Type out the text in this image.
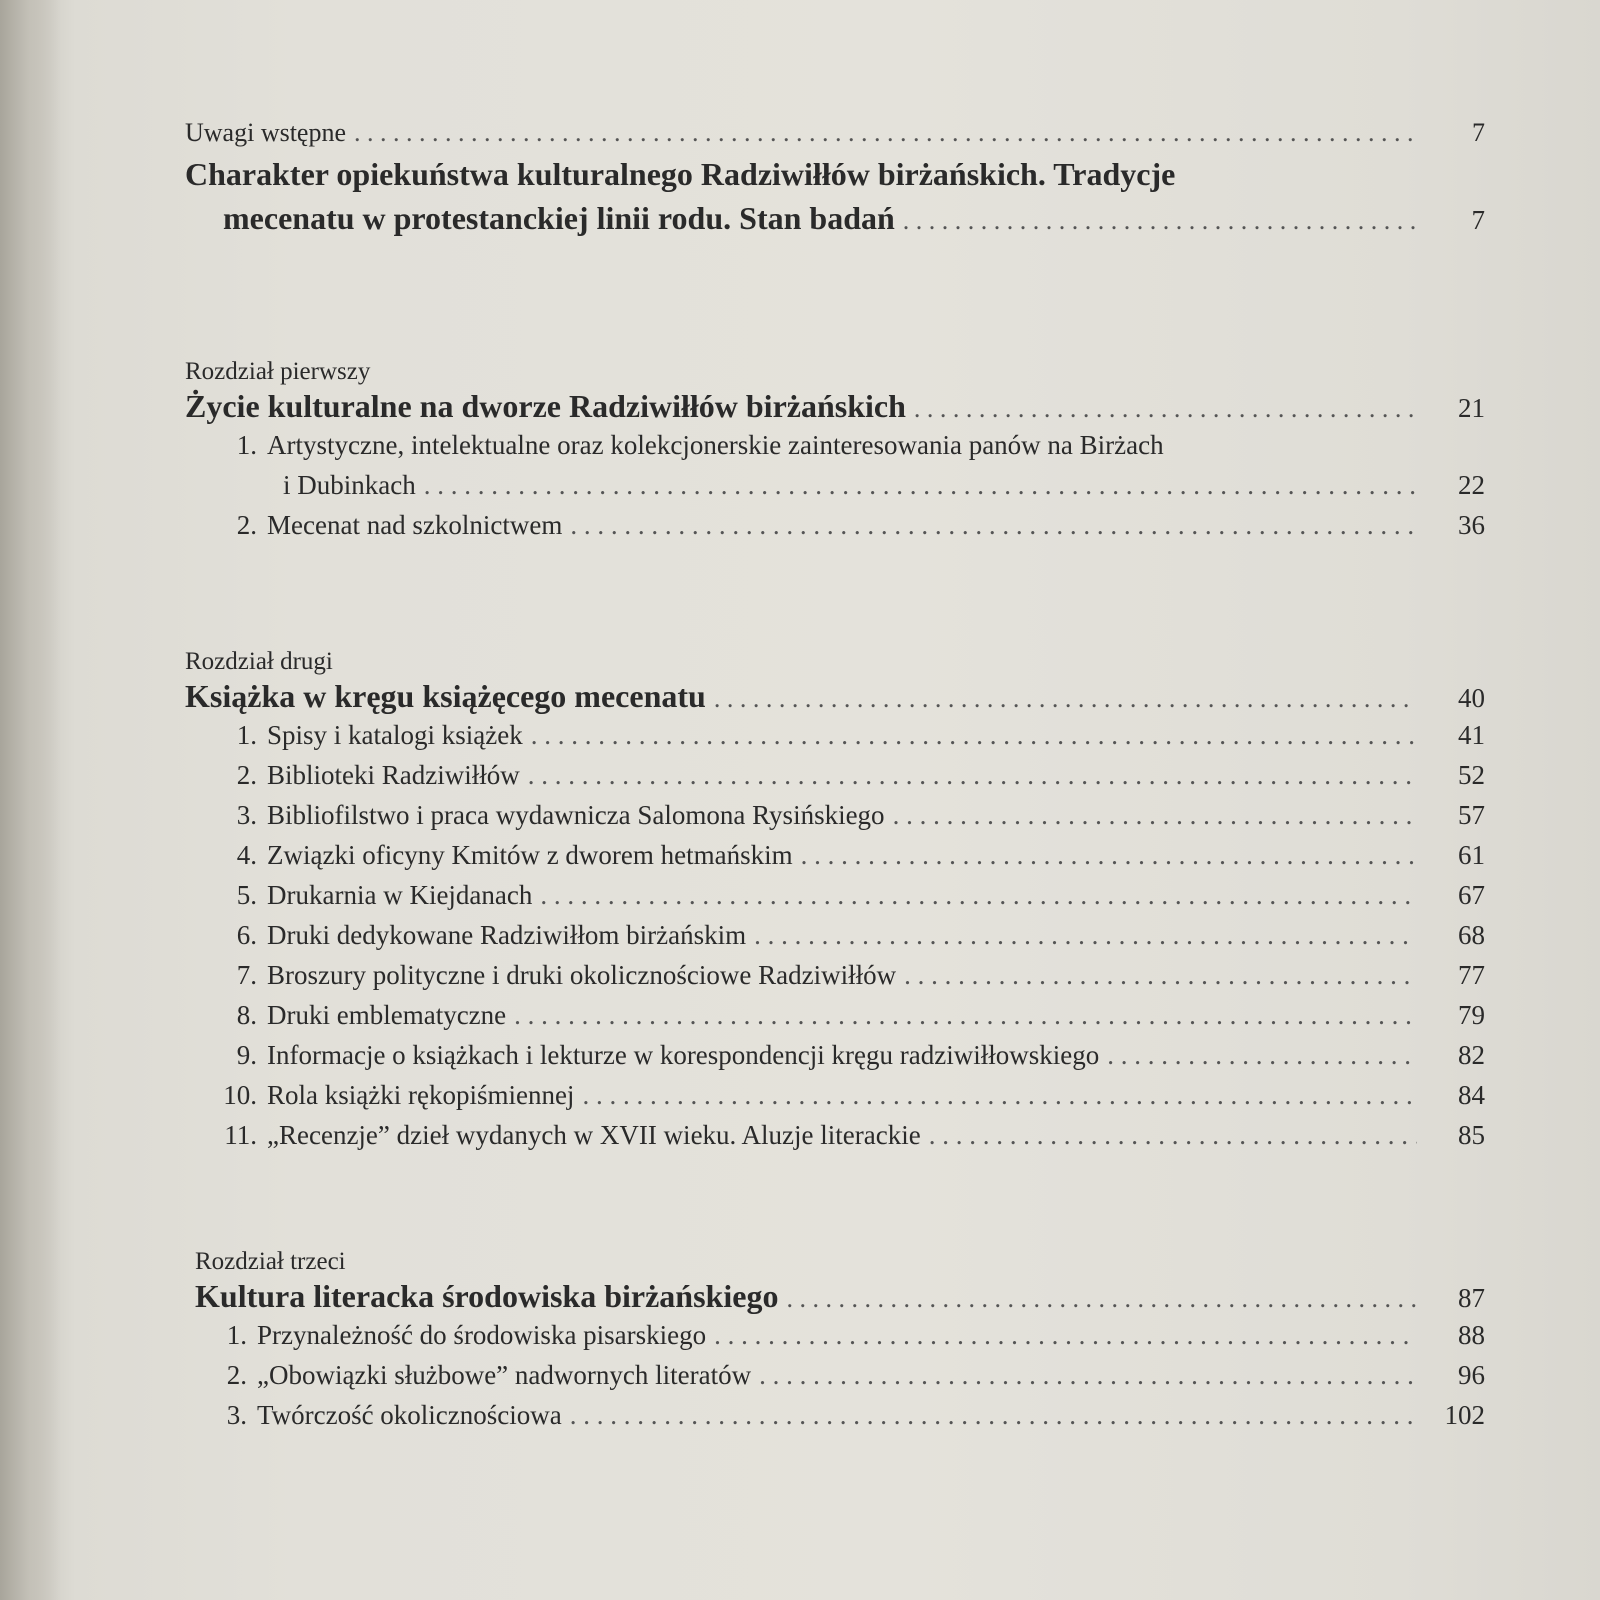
Uwagi wstępne . . .	7
Charakter opiekuństwa kulturalnego Radziwiłłów birżańskich. Tradycje
mecenatu w protestanckiej linii rodu. Stan badań . . .	7
Rozdział pierwszy
Życie kulturalne na dworze Radziwiłłów birżańskich . . .	21
1. Artystyczne, intelektualne oraz kolekcjonerskie zainteresowania panów na Birżach
i Dubinkach . . .	22
2. Mecenat nad szkolnictwem . . .	36
Rozdział drugi
Książka w kręgu książęcego mecenatu . . .	40
1. Spisy i katalogi książek . . .	41
2. Biblioteki Radziwiłłów . . .	52
3. Bibliofilstwo i praca wydawnicza Salomona Rysińskiego . . .	57
4. Związki oficyny Kmitów z dworem hetmańskim . . .	61
5. Drukarnia w Kiejdanach . . .	67
6. Druki dedykowane Radziwiłłom birżańskim . . .	68
7. Broszury polityczne i druki okolicznościowe Radziwiłłów . . .	77
8. Druki emblematyczne . . .	79
9. Informacje o książkach i lekturze w korespondencji kręgu radziwiłłowskiego . . .	82
10. Rola książki rękopiśmiennej . . .	84
11. „Recenzje” dzieł wydanych w XVII wieku. Aluzje literackie . . .	85
Rozdział trzeci
Kultura literacka środowiska birżańskiego . . .	87
1. Przynależność do środowiska pisarskiego . . .	88
2. „Obowiązki służbowe” nadwornych literatów . . .	96
3. Twórczość okolicznościowa . . .	102
